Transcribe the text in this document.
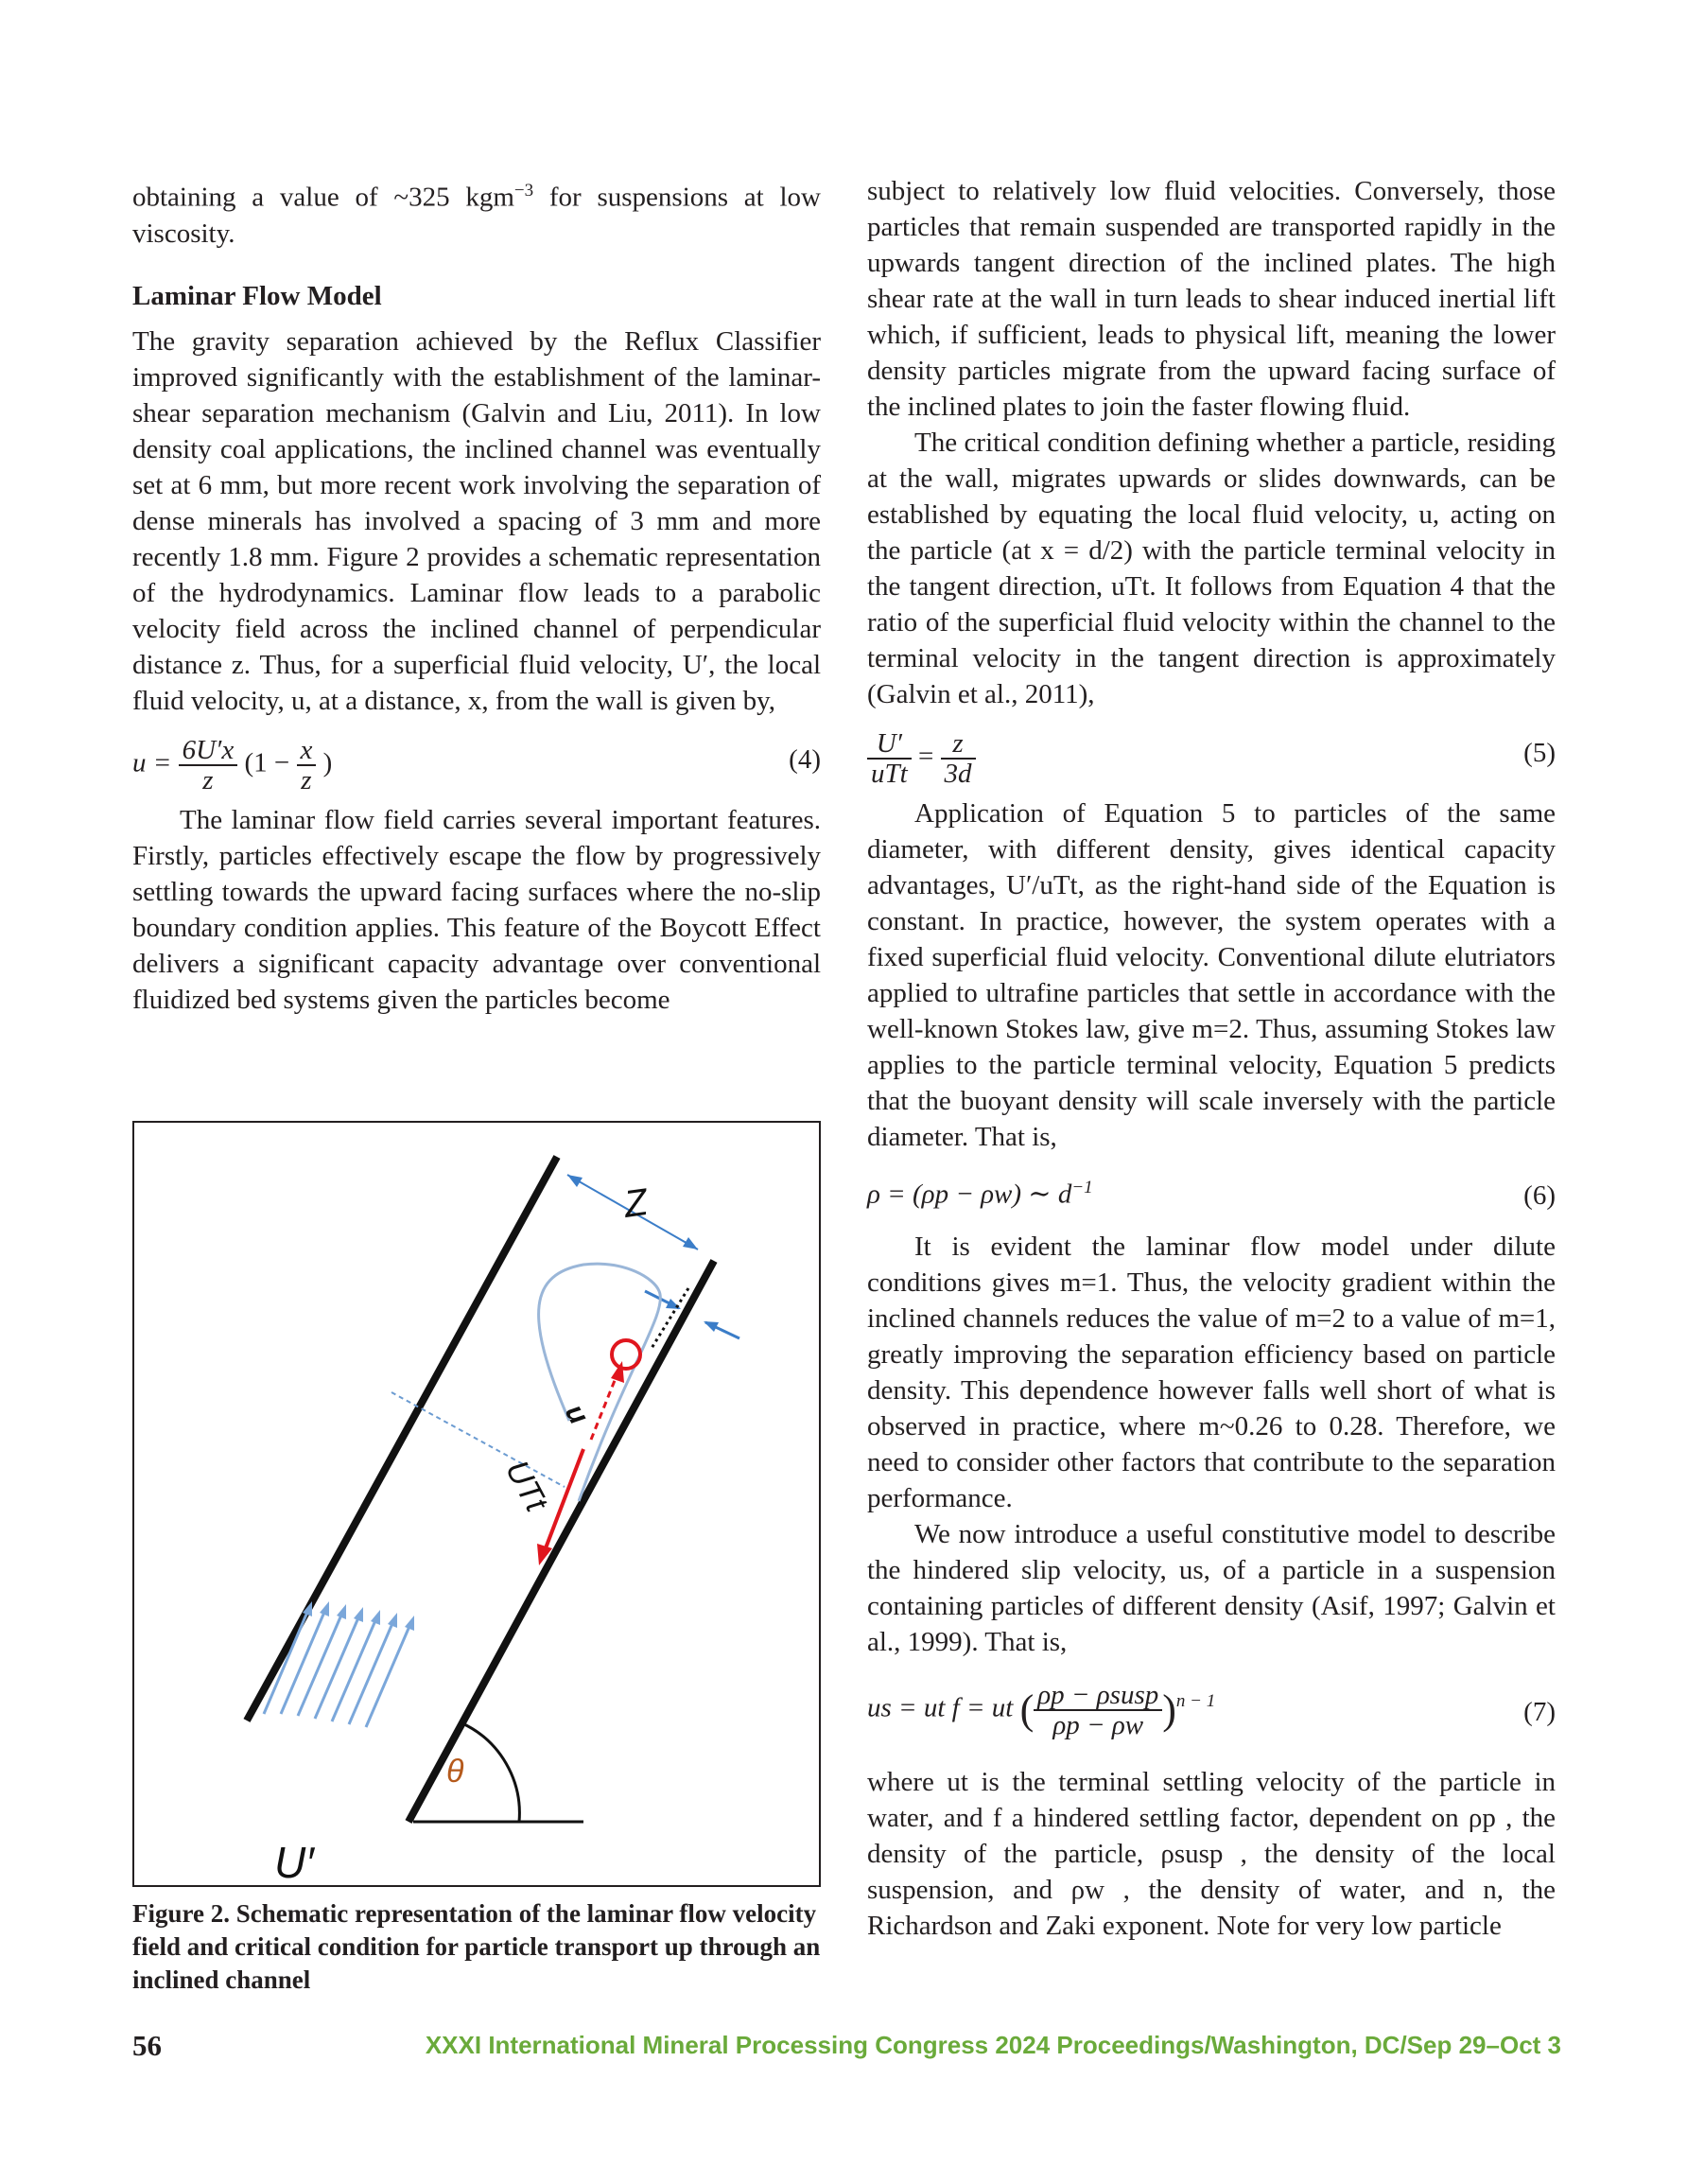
obtaining a value of ~325 kgm$^{-3}$ for suspensions at low viscosity.

Laminar Flow Model

The gravity separation achieved by the Reflux Classifier improved significantly with the establishment of the laminar-shear separation mechanism (Galvin and Liu, 2011). In low density coal applications, the inclined channel was eventually set at 6 mm, but more recent work involving the separation of dense minerals has involved a spacing of 3 mm and more recently 1.8 mm. Figure 2 provides a schematic representation of the hydrodynamics. Laminar flow leads to a parabolic velocity field across the inclined channel of perpendicular distance z. Thus, for a superficial fluid velocity, U′, the local fluid velocity, u, at a distance, x, from the wall is given by,

$u = \frac{6U'x}{z} (1 - \frac{x}{z}$ )	(4)

The laminar flow field carries several important features. Firstly, particles effectively escape the flow by progressively settling towards the upward facing surfaces where the no-slip boundary condition applies. This feature of the Boycott Effect delivers a significant capacity advantage over conventional fluidized bed systems given the particles become

Z
u
UTt
θ
U′
Figure 2. Schematic representation of the laminar flow velocity field and critical condition for particle transport up through an inclined channel

subject to relatively low fluid velocities. Conversely, those particles that remain suspended are transported rapidly in the upwards tangent direction of the inclined plates. The high shear rate at the wall in turn leads to shear induced inertial lift which, if sufficient, leads to physical lift, meaning the lower density particles migrate from the upward facing surface of the inclined plates to join the faster flowing fluid.

The critical condition defining whether a particle, residing at the wall, migrates upwards or slides downwards, can be established by equating the local fluid velocity, u, acting on the particle (at x = d/2) with the particle terminal velocity in the tangent direction, uTt. It follows from Equation 4 that the ratio of the superficial fluid velocity within the channel to the terminal velocity in the tangent direction is approximately (Galvin et al., 2011),

$\frac{U'}{\text{uTt}} = \frac{z}{3d}$	(5)

Application of Equation 5 to particles of the same diameter, with different density, gives identical capacity advantages, U′/uTt, as the right-hand side of the Equation is constant. In practice, however, the system operates with a fixed superficial fluid velocity. Conventional dilute elutriators applied to ultrafine particles that settle in accordance with the well-known Stokes law, give m=2. Thus, assuming Stokes law applies to the particle terminal velocity, Equation 5 predicts that the buoyant density will scale inversely with the particle diameter. That is,

ρ = (ρp − ρw) ∼ $d^{-1}$	(6)

It is evident the laminar flow model under dilute conditions gives m=1. Thus, the velocity gradient within the inclined channels reduces the value of m=2 to a value of m=1, greatly improving the separation efficiency based on particle density. This dependence however falls well short of what is observed in practice, where m~0.26 to 0.28. Therefore, we need to consider other factors that contribute to the separation performance.

We now introduce a useful constitutive model to describe the hindered slip velocity, us, of a particle in a suspension containing particles of different density (Asif, 1997; Galvin et al., 1999). That is,

us = ut f = ut ( $\frac{\text{ρp − ρsusp}}{\rho p - \rho w} )^{n - 1}$	(7)

where ut is the terminal settling velocity of the particle in water, and f a hindered settling factor, dependent on ρp , the density of the particle, ρsusp , the density of the local suspension, and ρw , the density of water, and n, the Richardson and Zaki exponent. Note for very low particle

56	XXXI International Mineral Processing Congress 2024 Proceedings/Washington, DC/Sep 29–Oct 3
